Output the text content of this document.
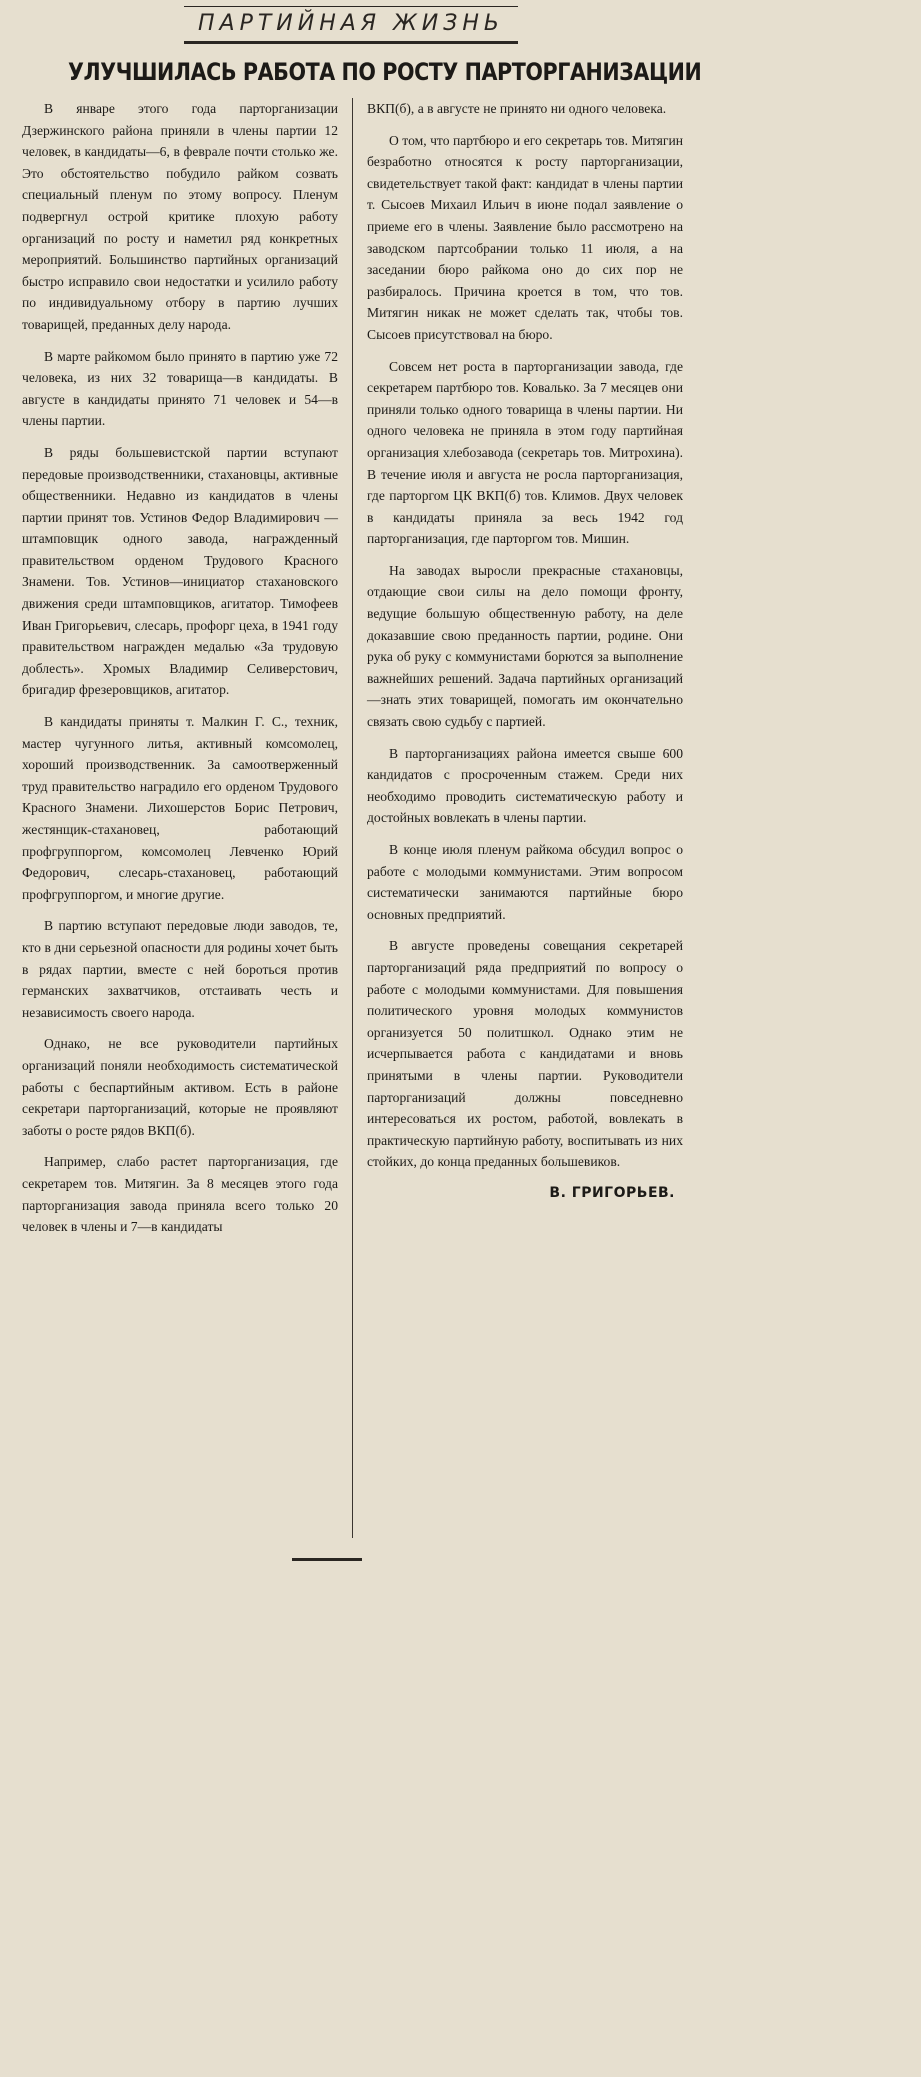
ПАРТИЙНАЯ ЖИЗНЬ
УЛУЧШИЛАСЬ РАБОТА ПО РОСТУ ПАРТОРГАНИЗАЦИИ

В январе этого года парторганизации Дзержинского района приняли в члены партии 12 человек, в кандидаты—6, в феврале почти столько же. Это обстоятельство побудило райком созвать специальный пленум по этому вопросу. Пленум подвергнул острой критике плохую работу организаций по росту и наметил ряд конкретных мероприятий. Большинство партийных организаций быстро исправило свои недостатки и усилило работу по индивидуальному отбору в партию лучших товарищей, преданных делу народа.

В марте райкомом было принято в партию уже 72 человека, из них 32 товарища—в кандидаты. В августе в кандидаты принято 71 человек и 54—в члены партии.

В ряды большевистской партии вступают передовые производственники, стахановцы, активные общественники. Недавно из кандидатов в члены партии принят тов. Устинов Федор Владимирович — штамповщик одного завода, награжденный правительством орденом Трудового Красного Знамени. Тов. Устинов—инициатор стахановского движения среди штамповщиков, агитатор. Тимофеев Иван Григорьевич, слесарь, профорг цеха, в 1941 году правительством награжден медалью «За трудовую доблесть». Хромых Владимир Селиверстович, бригадир фрезеровщиков, агитатор.

В кандидаты приняты т. Малкин Г. С., техник, мастер чугунного литья, активный комсомолец, хороший производственник. За самоотверженный труд правительство наградило его орденом Трудового Красного Знамени. Лихошерстов Борис Петрович, жестянщик-стахановец, работающий профгруппоргом, комсомолец Левченко Юрий Федорович, слесарь-стахановец, работающий профгруппоргом, и многие другие.

В партию вступают передовые люди заводов, те, кто в дни серьезной опасности для родины хочет быть в рядах партии, вместе с ней бороться против германских захватчиков, отстаивать честь и независимость своего народа.

Однако, не все руководители партийных организаций поняли необходимость систематической работы с беспартийным активом. Есть в районе секретари парторганизаций, которые не проявляют заботы о росте рядов ВКП(б).

Например, слабо растет парторганизация, где секретарем тов. Митягин. За 8 месяцев этого года парторганизация завода приняла всего только 20 человек в члены и 7—в кандидаты

ВКП(б), а в августе не принято ни одного человека.

О том, что партбюро и его секретарь тов. Митягин безработно относятся к росту парторганизации, свидетельствует такой факт: кандидат в члены партии т. Сысоев Михаил Ильич в июне подал заявление о приеме его в члены. Заявление было рассмотрено на заводском партсобрании только 11 июля, а на заседании бюро райкома оно до сих пор не разбиралось. Причина кроется в том, что тов. Митягин никак не может сделать так, чтобы тов. Сысоев присутствовал на бюро.

Совсем нет роста в парторганизации завода, где секретарем партбюро тов. Ковалько. За 7 месяцев они приняли только одного товарища в члены партии. Ни одного человека не приняла в этом году партийная организация хлебозавода (секретарь тов. Митрохина). В течение июля и августа не росла парторганизация, где парторгом ЦК ВКП(б) тов. Климов. Двух человек в кандидаты приняла за весь 1942 год парторганизация, где парторгом тов. Мишин.

На заводах выросли прекрасные стахановцы, отдающие свои силы на дело помощи фронту, ведущие большую общественную работу, на деле доказавшие свою преданность партии, родине. Они рука об руку с коммунистами борются за выполнение важнейших решений. Задача партийных организаций —знать этих товарищей, помогать им окончательно связать свою судьбу с партией.

В парторганизациях района имеется свыше 600 кандидатов с просроченным стажем. Среди них необходимо проводить систематическую работу и достойных вовлекать в члены партии.

В конце июля пленум райкома обсудил вопрос о работе с молодыми коммунистами. Этим вопросом систематически занимаются партийные бюро основных предприятий.

В августе проведены совещания секретарей парторганизаций ряда предприятий по вопросу о работе с молодыми коммунистами. Для повышения политического уровня молодых коммунистов организуется 50 политшкол. Однако этим не исчерпывается работа с кандидатами и вновь принятыми в члены партии. Руководители парторганизаций должны повседневно интересоваться их ростом, работой, вовлекать в практическую партийную работу, воспитывать из них стойких, до конца преданных большевиков.

В. ГРИГОРЬЕВ.
